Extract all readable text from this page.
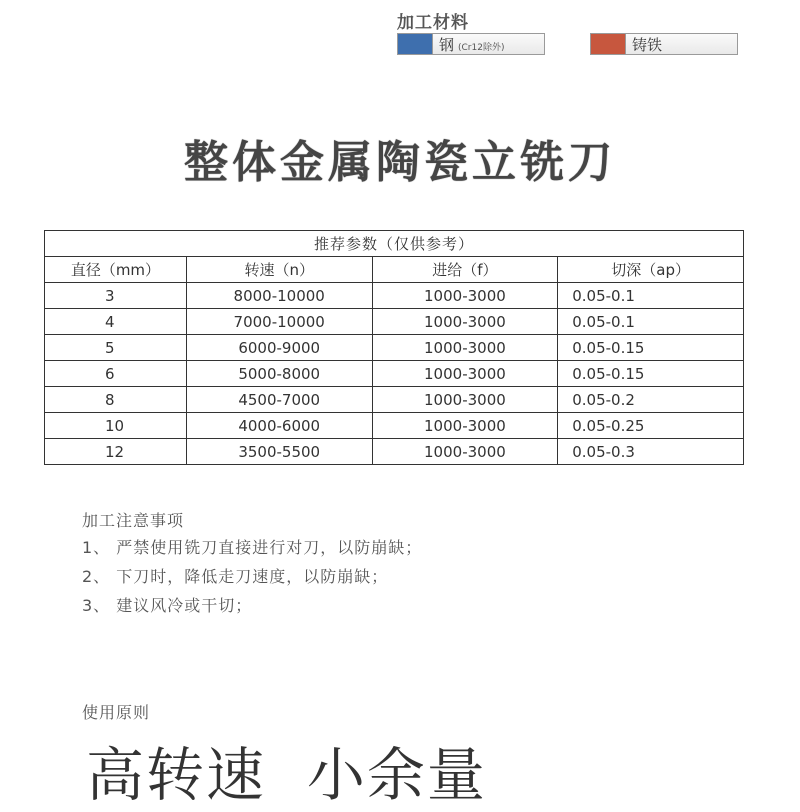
加工材料
钢 (Cr12除外)	铸铁
整体金属陶瓷立铣刀
推荐参数（仅供参考）			
直径（mm）	转速（n）	进给（f）	切深（ap）
3	8000-10000	1000-3000	0.05-0.1
4	7000-10000	1000-3000	0.05-0.1
5	6000-9000	1000-3000	0.05-0.15
6	5000-8000	1000-3000	0.05-0.15
8	4500-7000	1000-3000	0.05-0.2
10	4000-6000	1000-3000	0.05-0.25
12	3500-5500	1000-3000	0.05-0.3
加工注意事项
1、 严禁使用铣刀直接进行对刀，以防崩缺；
2、 下刀时，降低走刀速度，以防崩缺；
3、 建议风冷或干切；
使用原则
高转速  小余量
